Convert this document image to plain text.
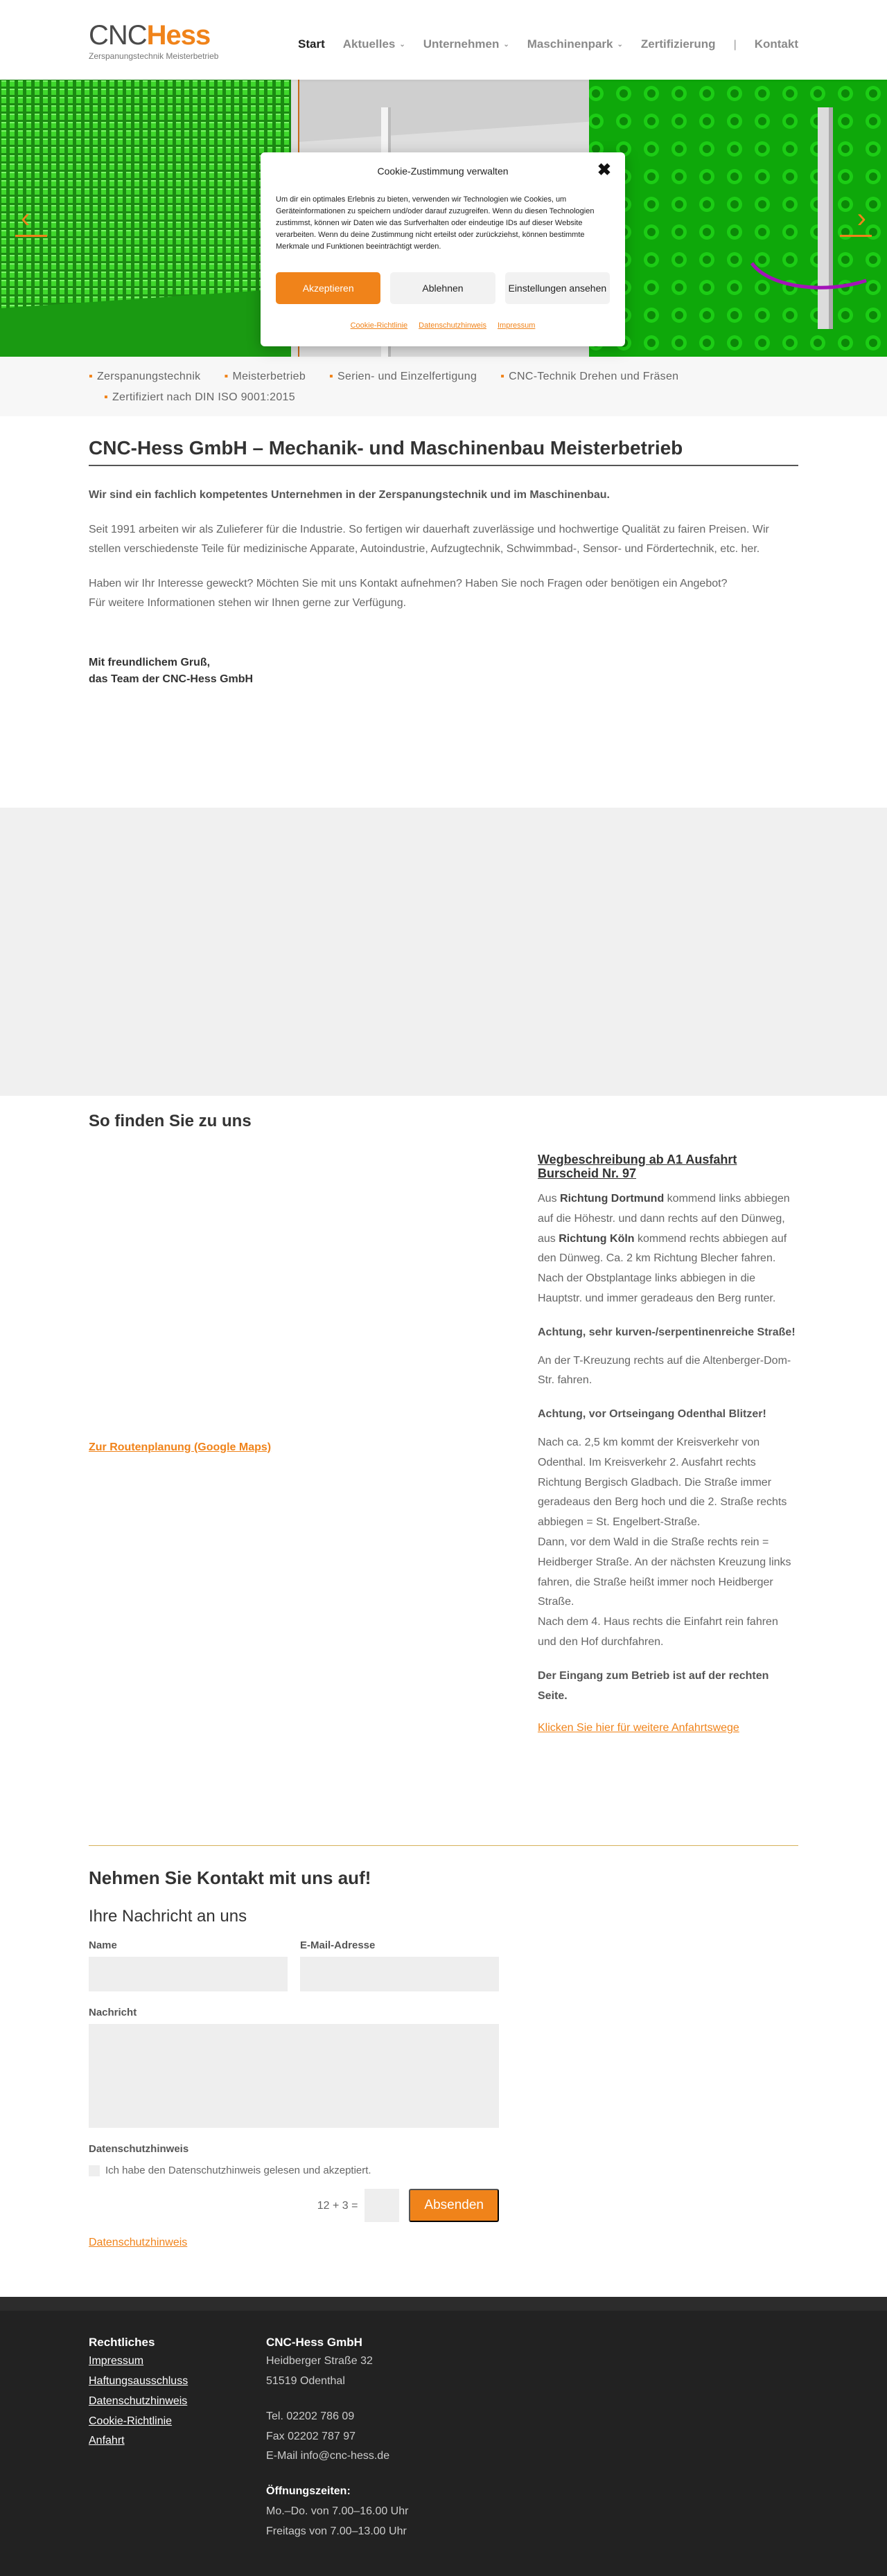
CNCHess
Zerspanungstechnik Meisterbetrieb
Start Aktuelles ⌄ Unternehmen ⌄ Maschinenpark ⌄ Zertifizierung | Kontakt
‹	›
Cookie-Zustimmung verwalten	✖
Um dir ein optimales Erlebnis zu bieten, verwenden wir Technologien wie Cookies, um Geräteinformationen zu speichern und/oder darauf zuzugreifen. Wenn du diesen Technologien zustimmst, können wir Daten wie das Surfverhalten oder eindeutige IDs auf dieser Website verarbeiten. Wenn du deine Zustimmung nicht erteilst oder zurückziehst, können bestimmte Merkmale und Funktionen beeinträchtigt werden.
Akzeptieren	Ablehnen	Einstellungen ansehen
Cookie-Richtlinie Datenschutzhinweis Impressum
▪ Zerspanungstechnik ▪ Meisterbetrieb ▪ Serien- und Einzelfertigung ▪ CNC-Technik Drehen und Fräsen
▪ Zertifiziert nach DIN ISO 9001:2015
CNC-Hess GmbH – Mechanik- und Maschinenbau Meisterbetrieb

Wir sind ein fachlich kompetentes Unternehmen in der Zerspanungstechnik und im Maschinenbau.

Seit 1991 arbeiten wir als Zulieferer für die Industrie. So fertigen wir dauerhaft zuverlässige und hochwertige Qualität zu fairen Preisen. Wir stellen verschiedenste Teile für medizinische Apparate, Autoindustrie, Aufzugtechnik, Schwimmbad-, Sensor- und Fördertechnik, etc. her.

Haben wir Ihr Interesse geweckt? Möchten Sie mit uns Kontakt aufnehmen? Haben Sie noch Fragen oder benötigen ein Angebot?
Für weitere Informationen stehen wir Ihnen gerne zur Verfügung.

Mit freundlichem Gruß,
das Team der CNC-Hess GmbH

So finden Sie zu uns
Zur Routenplanung (Google Maps)
Wegbeschreibung ab A1 Ausfahrt Burscheid Nr. 97

Aus Richtung Dortmund kommend links abbiegen auf die Höhestr. und dann rechts auf den Dünweg, aus Richtung Köln kommend rechts abbiegen auf den Dünweg. Ca. 2 km Richtung Blecher fahren.
Nach der Obstplantage links abbiegen in die Hauptstr. und immer geradeaus den Berg runter.

Achtung, sehr kurven-/serpentinenreiche Straße!

An der T-Kreuzung rechts auf die Altenberger-Dom-Str. fahren.

Achtung, vor Ortseingang Odenthal Blitzer!

Nach ca. 2,5 km kommt der Kreisverkehr von Odenthal. Im Kreisverkehr 2. Ausfahrt rechts Richtung Bergisch Gladbach. Die Straße immer geradeaus den Berg hoch und die 2. Straße rechts abbiegen = St. Engelbert-Straße.
Dann, vor dem Wald in die Straße rechts rein = Heidberger Straße. An der nächsten Kreuzung links fahren, die Straße heißt immer noch Heidberger Straße.
Nach dem 4. Haus rechts die Einfahrt rein fahren und den Hof durchfahren.

Der Eingang zum Betrieb ist auf der rechten Seite.

Klicken Sie hier für weitere Anfahrtswege
Nehmen Sie Kontakt mit uns auf!
Ihre Nachricht an uns
Name	E-Mail-Adresse
Nachricht
Datenschutzhinweis
Ich habe den Datenschutzhinweis gelesen und akzeptiert.
12 + 3 =	Absenden
Datenschutzhinweis
Rechtliches
Impressum
Haftungsausschluss
Datenschutzhinweis
Cookie-Richtlinie
Anfahrt
CNC-Hess GmbH

Heidberger Straße 32

51519 Odenthal

Tel. 02202 786 09

Fax 02202 787 97

E-Mail info@cnc-hess.de

Öffnungszeiten:

Mo.–Do. von 7.00–16.00 Uhr

Freitags von 7.00–13.00 Uhr
